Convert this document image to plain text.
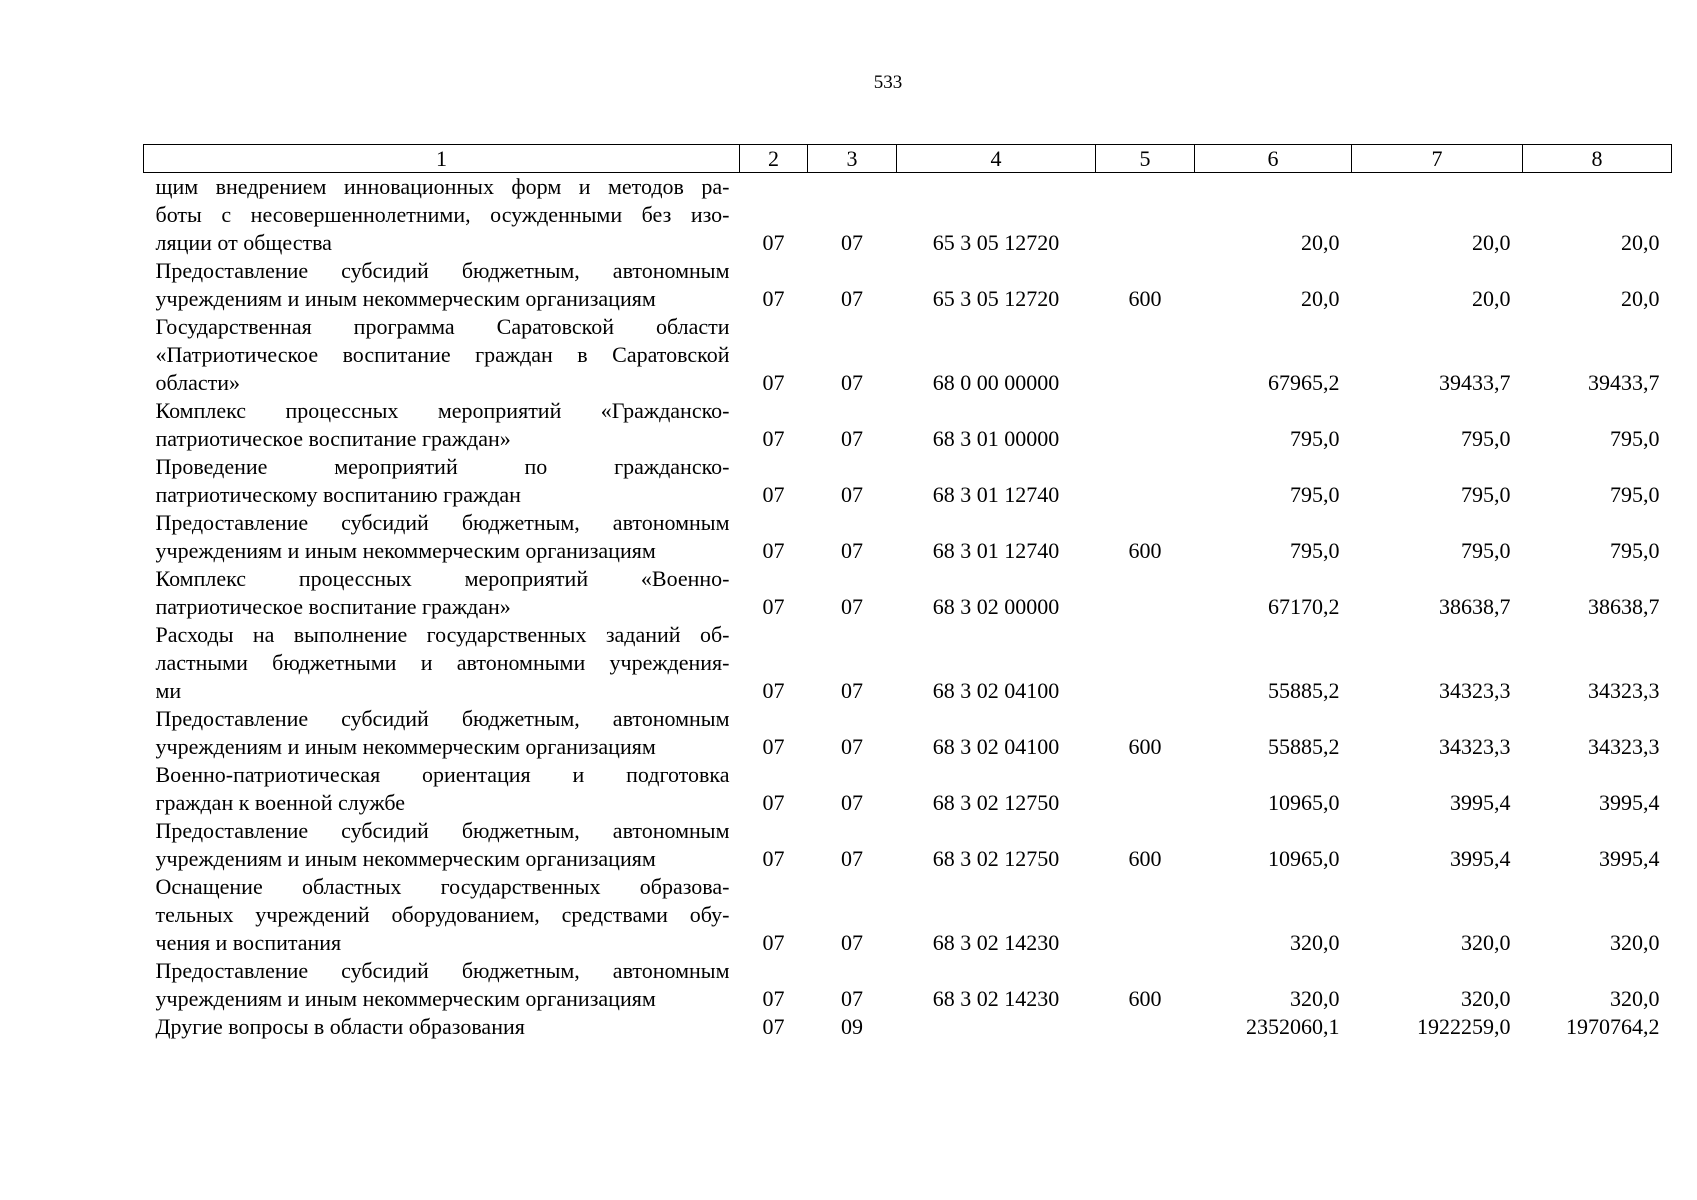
533
1	2	3	4	5	6	7	8

щим внедрением инновационных форм и методов ра-
боты с несовершеннолетними, осужденными без изо-
ляции от общества	07	07	65 3 05 12720		20,0	20,0	20,0

Предоставление субсидий бюджетным, автономным
учреждениям и иным некоммерческим организациям	07	07	65 3 05 12720	600	20,0	20,0	20,0

Государственная программа Саратовской области
«Патриотическое воспитание граждан в Саратовской
области»	07	07	68 0 00 00000		67965,2	39433,7	39433,7

Комплекс процессных мероприятий «Гражданско-
патриотическое воспитание граждан»	07	07	68 3 01 00000		795,0	795,0	795,0

Проведение мероприятий по гражданско-
патриотическому воспитанию граждан	07	07	68 3 01 12740		795,0	795,0	795,0

Предоставление субсидий бюджетным, автономным
учреждениям и иным некоммерческим организациям	07	07	68 3 01 12740	600	795,0	795,0	795,0

Комплекс процессных мероприятий «Военно-
патриотическое воспитание граждан»	07	07	68 3 02 00000		67170,2	38638,7	38638,7

Расходы на выполнение государственных заданий об-
ластными бюджетными и автономными учреждения-
ми	07	07	68 3 02 04100		55885,2	34323,3	34323,3

Предоставление субсидий бюджетным, автономным
учреждениям и иным некоммерческим организациям	07	07	68 3 02 04100	600	55885,2	34323,3	34323,3

Военно-патриотическая ориентация и подготовка
граждан к военной службе	07	07	68 3 02 12750		10965,0	3995,4	3995,4

Предоставление субсидий бюджетным, автономным
учреждениям и иным некоммерческим организациям	07	07	68 3 02 12750	600	10965,0	3995,4	3995,4

Оснащение областных государственных образова-
тельных учреждений оборудованием, средствами обу-
чения и воспитания	07	07	68 3 02 14230		320,0	320,0	320,0

Предоставление субсидий бюджетным, автономным
учреждениям и иным некоммерческим организациям	07	07	68 3 02 14230	600	320,0	320,0	320,0

Другие вопросы в области образования	07	09			2352060,1	1922259,0	1970764,2
